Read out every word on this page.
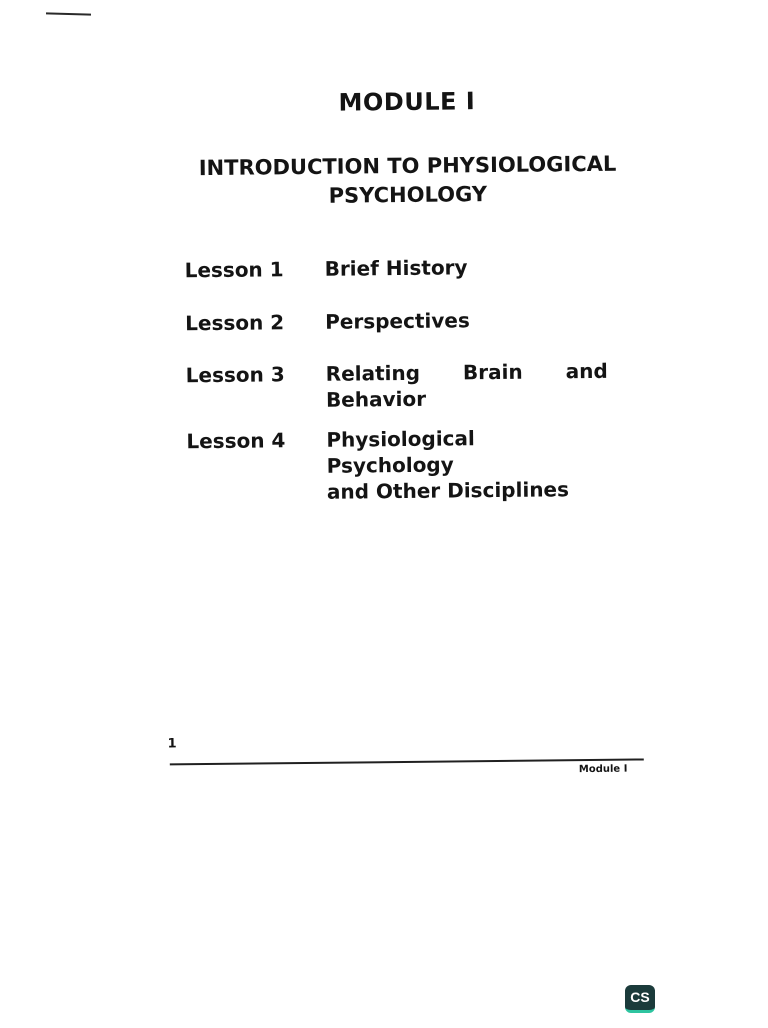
MODULE I
INTRODUCTION TO PHYSIOLOGICAL
PSYCHOLOGY
Lesson 1	Brief History
Lesson 2	Perspectives
Lesson 3	Relating Brain and
Behavior
Lesson 4	Physiological Psychology
and Other Disciplines
1
Module I
CS
